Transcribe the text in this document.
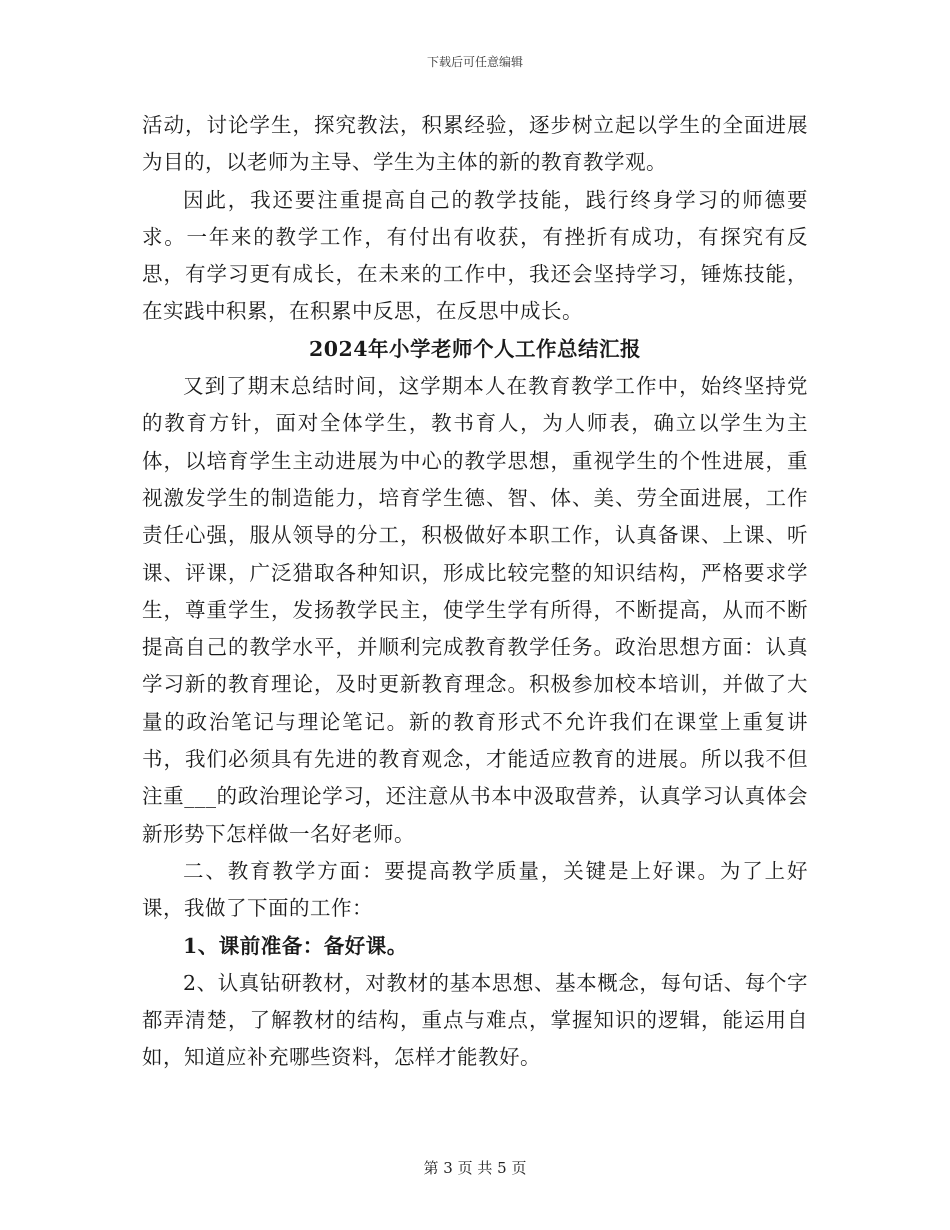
下载后可任意编辑

活动，讨论学生，探究教法，积累经验，逐步树立起以学生的全面进展为目的，以老师为主导、学生为主体的新的教育教学观。

因此，我还要注重提高自己的教学技能，践行终身学习的师德要求。一年来的教学工作，有付出有收获，有挫折有成功，有探究有反思，有学习更有成长，在未来的工作中，我还会坚持学习，锤炼技能，在实践中积累，在积累中反思，在反思中成长。

2024年小学老师个人工作总结汇报

又到了期末总结时间，这学期本人在教育教学工作中，始终坚持党的教育方针，面对全体学生，教书育人，为人师表，确立以学生为主体，以培育学生主动进展为中心的教学思想，重视学生的个性进展，重视激发学生的制造能力，培育学生德、智、体、美、劳全面进展，工作责任心强，服从领导的分工，积极做好本职工作，认真备课、上课、听课、评课，广泛猎取各种知识，形成比较完整的知识结构，严格要求学生，尊重学生，发扬教学民主，使学生学有所得，不断提高，从而不断提高自己的教学水平，并顺利完成教育教学任务。政治思想方面：认真学习新的教育理论，及时更新教育理念。积极参加校本培训，并做了大量的政治笔记与理论笔记。新的教育形式不允许我们在课堂上重复讲书，我们必须具有先进的教育观念，才能适应教育的进展。所以我不但注重___的政治理论学习，还注意从书本中汲取营养，认真学习认真体会新形势下怎样做一名好老师。

二、教育教学方面：要提高教学质量，关键是上好课。为了上好课，我做了下面的工作：

1、课前准备：备好课。

2、认真钻研教材，对教材的基本思想、基本概念，每句话、每个字都弄清楚，了解教材的结构，重点与难点，掌握知识的逻辑，能运用自如，知道应补充哪些资料，怎样才能教好。

第 3 页 共 5 页
